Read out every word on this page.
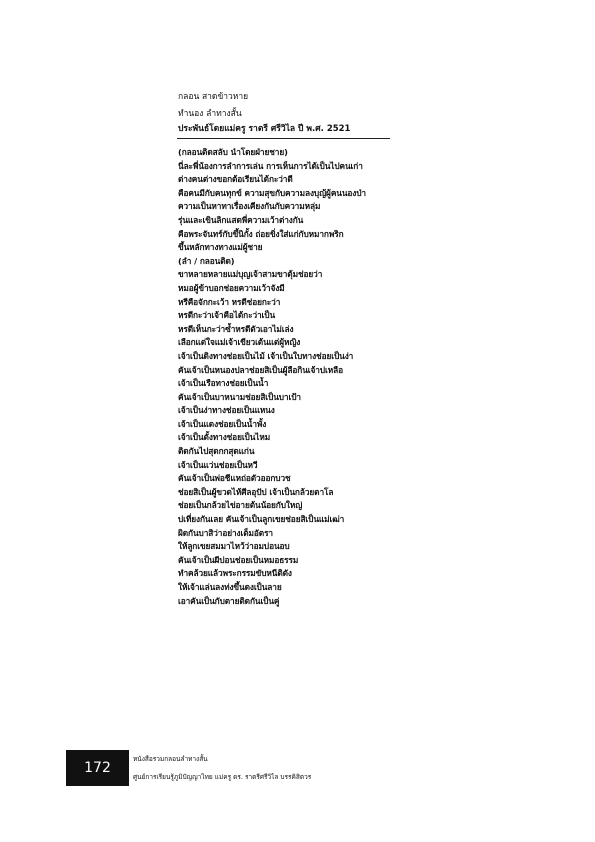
กลอน สาดข้าวหาย
ทำนอง ลำทางสั้น
ประพันธ์โดยแม่ครู ราตรี ศรีวิไล ปี พ.ศ. 2521
(กลอนติดสลับ นำโดยฝ่ายชาย)
นี่ละพี่น้องการลำการเล่น การเห็นการได้เป็นไปคนเก่า
ต่างคนต่างขอกต้อเรียนได้กะว่าดี
คือคนมีกับคนทุกข์ ความสุขกับความลงบุญ้ผู้คนนองป่า
ความเป็นหาทาเรื่องเคียงกันกับความหลุ่ม
รุ่นและเขินลิกแสดพี่ความเว้าต่างกัน
คือพระจันทร์กับขึ้นิกั้ง ถ่อยขิ่งใส่แก่กับหมากพริก
ขึ้นหลักทางทางแม่ผู้ชาย
(ลำ / กลอนติด)
ขาหลายหลายแม่บุญเจ้าสามขาตุ้มช่อยว่า
หมอผู้ข้าบอกช่อยความเว้าจังมี
หรีคือจักกะเว้า หรดีช่อยกะว่า
หรดีกะว่าเจ้าคือได้กะว่าเป็น
หรดีเห็นกะว่าซ้ำหรดีตัวเอาไม่เล่ง
เลือกแต่ใจแม่เจ้าเขียวเต้นแต่ผู้หญิง
เจ้าเป็นดิงทางช่อยเป็นไม้ เจ้าเป็นใบทางช่อยเป็นง่า
คันเจ้าเป็นหนองปลาช่อยสิเป็นผู้ลือกินเจ้าบ่เหลือ
เจ้าเป็นเรือทางช่อยเป็นน้ำ
คันเจ้าเป็นบาหนามช่อยสิเป็นบาเป้า
เจ้าเป็นง่าทางช่อยเป็นแหนง
เจ้าเป็นแดงช่อยเป็นน้ำพั้ง
เจ้าเป็นตั้งทางช่อยเป็นไหม
ติดกันไปสุดกกสุดแก่น
เจ้าเป็นแว่นช่อยเป็นหวี
คันเจ้าเป็นพ่อชีแหถ่อตัวออกบวช
ช่อยสิเป็นผู้ขวดไห้ศีลอุปัป เจ้าเป็นกล้วยตาโล
ช่อยเป็นกล้วยไข่อายต้นน้อยกับใหญ่
บ่เที่ยงกันเลย คันเจ้าเป็นลูกเขยช่อยสิเป็นแม่เฒ่า
ผิดกันบาสิว่าอย่างเต็มอัตรา
ให้ลูกเขยสมมาไหว้ว่าอมบ่อนอบ
คันเจ้าเป็นผีบ่อนช่อยเป็นหมอธรรม
ทำคล้วยแล้วพระกรรมขับหนีติดัง
ให้เจ้าแล่นลงท่งขึ้นดงเป็นลาย
เอาคันเป็นกับตายติดกันเป็นคู่
172
หนังสือรวมกลอนลำทางสั้น
ศูนย์การเรียนรู้ภูมิปัญญาไทย แม่ครู ดร. ราตรีศรีวิไล บรรคิสิตวร
